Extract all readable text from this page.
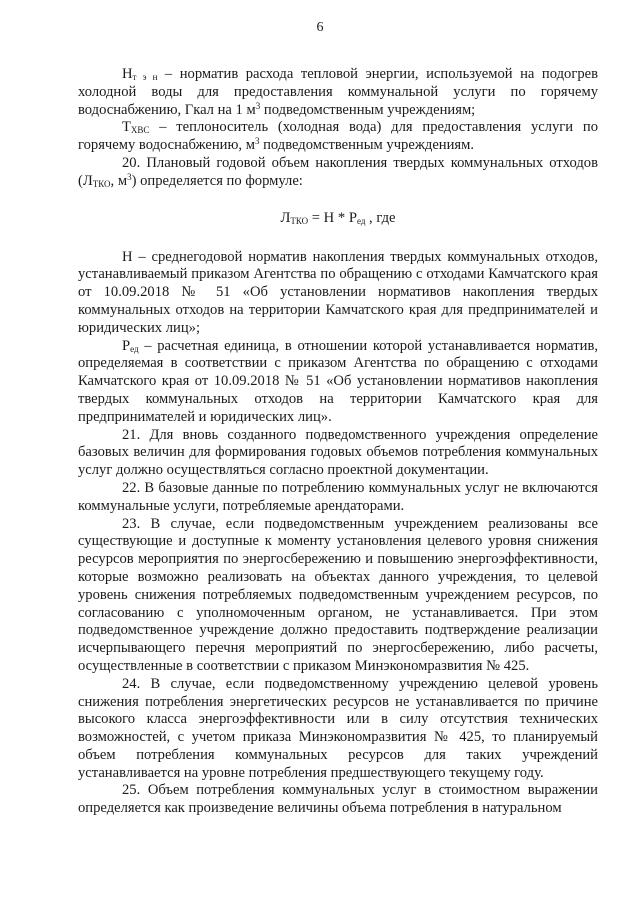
6

$Н_{т э н}$ – норматив расхода тепловой энергии, используемой на подогрев холодной воды для предоставления коммунальной услуги по горячему водоснабжению, Гкал на 1 $м^3$ подведомственным учреждениям;

$Т_{ХВС}$ – теплоноситель (холодная вода) для предоставления услуги по горячему водоснабжению, $м^3$ подведомственным учреждениям.

20. Плановый годовой объем накопления твердых коммунальных отходов ($Л_{ТКО}$, $м^3$) определяется по формуле:

$Л_{ТКО} = Н * Р_{ед}$ , где

Н – среднегодовой норматив накопления твердых коммунальных отходов, устанавливаемый приказом Агентства по обращению с отходами Камчатского края от 10.09.2018 № 51 «Об установлении нормативов накопления твердых коммунальных отходов на территории Камчатского края для предпринимателей и юридических лиц»;

$Р_{ед}$ – расчетная единица, в отношении которой устанавливается норматив, определяемая в соответствии с приказом Агентства по обращению с отходами Камчатского края от 10.09.2018 № 51 «Об установлении нормативов накопления твердых коммунальных отходов на территории Камчатского края для предпринимателей и юридических лиц».

21. Для вновь созданного подведомственного учреждения определение базовых величин для формирования годовых объемов потребления коммунальных услуг должно осуществляться согласно проектной документации.

22. В базовые данные по потреблению коммунальных услуг не включаются коммунальные услуги, потребляемые арендаторами.

23. В случае, если подведомственным учреждением реализованы все существующие и доступные к моменту установления целевого уровня снижения ресурсов мероприятия по энергосбережению и повышению энергоэффективности, которые возможно реализовать на объектах данного учреждения, то целевой уровень снижения потребляемых подведомственным учреждением ресурсов, по согласованию с уполномоченным органом, не устанавливается. При этом подведомственное учреждение должно предоставить подтверждение реализации исчерпывающего перечня мероприятий по энергосбережению, либо расчеты, осуществленные в соответствии с приказом Минэкономразвития № 425.

24. В случае, если подведомственному учреждению целевой уровень снижения потребления энергетических ресурсов не устанавливается по причине высокого класса энергоэффективности или в силу отсутствия технических возможностей, с учетом приказа Минэкономразвития № 425, то планируемый объем потребления коммунальных ресурсов для таких учреждений устанавливается на уровне потребления предшествующего текущему году.

25. Объем потребления коммунальных услуг в стоимостном выражении определяется как произведение величины объема потребления в натуральном
